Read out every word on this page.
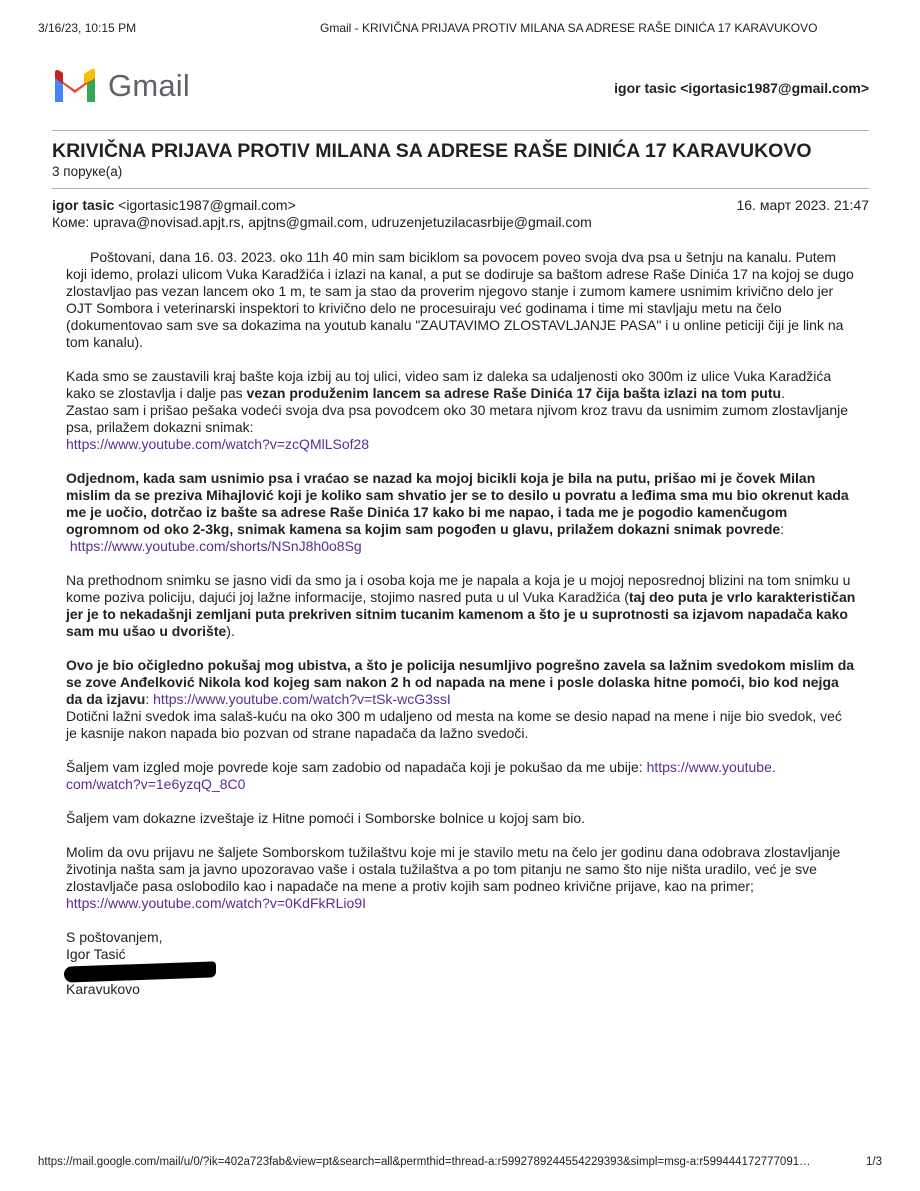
3/16/23, 10:15 PM	Gmail - KRIVIČNA PRIJAVA PROTIV MILANA SA ADRESE RAŠE DINIĆA 17 KARAVUKOVO
Gmail	igor tasic <igortasic1987@gmail.com>
KRIVIČNA PRIJAVA PROTIV MILANA SA ADRESE RAŠE DINIĆA 17 KARAVUKOVO
3 поруке(а)
igor tasic <igortasic1987@gmail.com>	16. март 2023. 21:47
Коме: uprava@novisad.apjt.rs, apjtns@gmail.com, udruzenjetuzilacasrbije@gmail.com

Poštovani, dana 16. 03. 2023. oko 11h 40 min sam biciklom sa povocem poveo svoja dva psa u šetnju na kanalu. Putem koji idemo, prolazi ulicom Vuka Karadžića i izlazi na kanal, a put se dodiruje sa baštom adrese Raše Dinića 17 na kojoj se dugo zlostavljao pas vezan lancem oko 1 m, te sam ja stao da proverim njegovo stanje i zumom kamere usnimim krivično delo jer OJT Sombora i veterinarski inspektori to krivično delo ne procesuiraju već godinama i time mi stavljaju metu na čelo (dokumentovao sam sve sa dokazima na youtub kanalu "ZAUTAVIMO ZLOSTAVLJANJE PASA" i u online peticiji čiji je link na tom kanalu).

Kada smo se zaustavili kraj bašte koja izbij au toj ulici, video sam iz daleka sa udaljenosti oko 300m iz ulice Vuka Karadžića kako se zlostavlja i dalje pas vezan produženim lancem sa adrese Raše Dinića 17 čija bašta izlazi na tom putu.
Zastao sam i prišao pešaka vodeći svoja dva psa povodcem oko 30 metara njivom kroz travu da usnimim zumom zlostavljanje psa, prilažem dokazni snimak:
https://www.youtube.com/watch?v=zcQMlLSof28

Odjednom, kada sam usnimio psa i vraćao se nazad ka mojoj bicikli koja je bila na putu, prišao mi je čovek Milan mislim da se preziva Mihajlović koji je koliko sam shvatio jer se to desilo u povratu a leđima sma mu bio okrenut kada me je uočio, dotrčao iz bašte sa adrese Raše Dinića 17 kako bi me napao, i tada me je pogodio kamenčugom ogromnom od oko 2-3kg, snimak kamena sa kojim sam pogođen u glavu, prilažem dokazni snimak povrede:
https://www.youtube.com/shorts/NSnJ8h0o8Sg

Na prethodnom snimku se jasno vidi da smo ja i osoba koja me je napala a koja je u mojoj neposrednoj blizini na tom snimku u kome poziva policiju, dajući joj lažne informacije, stojimo nasred puta u ul Vuka Karadžića (taj deo puta je vrlo karakterističan jer je to nekadašnji zemljani puta prekriven sitnim tucanim kamenom a što je u suprotnosti sa izjavom napadača kako sam mu ušao u dvorište).

Ovo je bio očigledno pokušaj mog ubistva, a što je policija nesumljivo pogrešno zavela sa lažnim svedokom mislim da se zove Anđelković Nikola kod kojeg sam nakon 2 h od napada na mene i posle dolaska hitne pomoći, bio kod nejga da da izjavu: https://www.youtube.com/watch?v=tSk-wcG3ssI
Dotični lažni svedok ima salaš-kuću na oko 300 m udaljeno od mesta na kome se desio napad na mene i nije bio svedok, već je kasnije nakon napada bio pozvan od strane napadača da lažno svedoči.

Šaljem vam izgled moje povrede koje sam zadobio od napadača koji je pokušao da me ubije: https://www.youtube.
com/watch?v=1e6yzqQ_8C0

Šaljem vam dokazne izveštaje iz Hitne pomoći i Somborske bolnice u kojoj sam bio.

Molim da ovu prijavu ne šaljete Somborskom tužilaštvu koje mi je stavilo metu na čelo jer godinu dana odobrava zlostavljanje životinja našta sam ja javno upozoravao vaše i ostala tužilaštva a po tom pitanju ne samo što nije ništa uradilo, već je sve zlostavljače pasa oslobodilo kao i napadače na mene a protiv kojih sam podneo krivične prijave, kao na primer;
https://www.youtube.com/watch?v=0KdFkRLio9I

S poštovanjem,
Igor Tasić
Karavukovo
https://mail.google.com/mail/u/0/?ik=402a723fab&view=pt&search=all&permthid=thread-a:r5992789244554229393&simpl=msg-a:r599444172777091…	1/3
